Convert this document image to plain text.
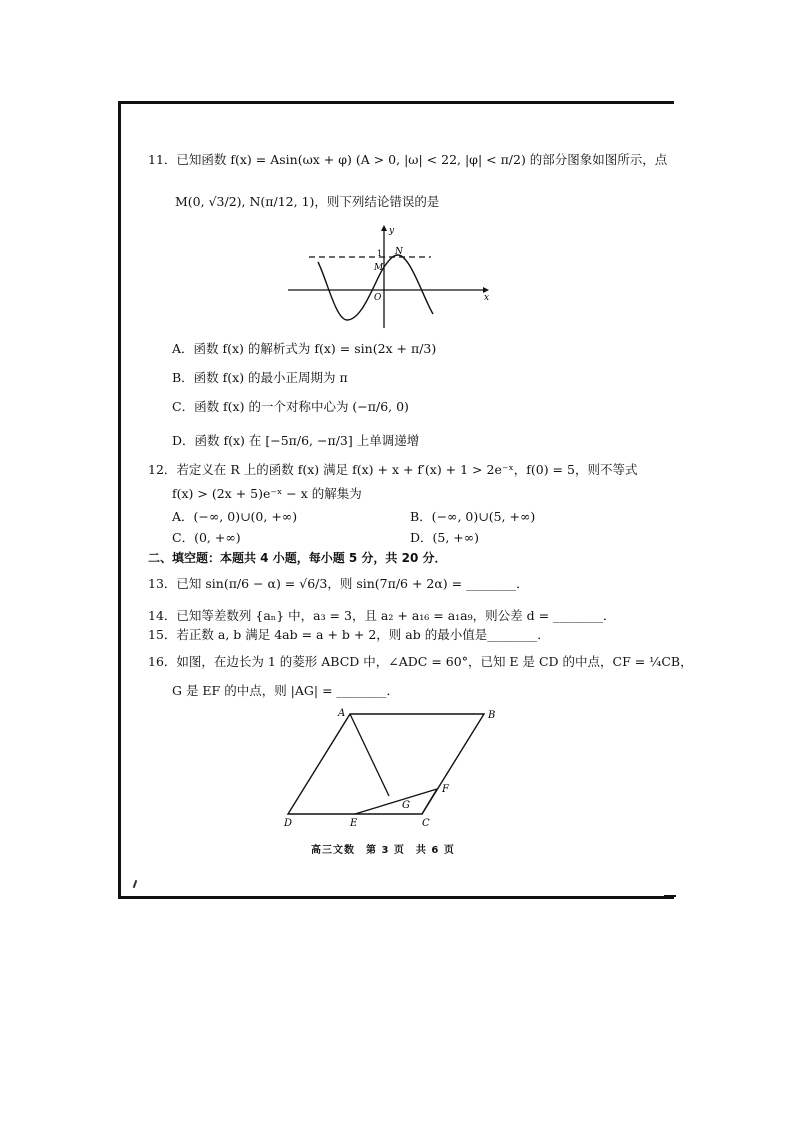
11．已知函数 f(x) = Asin(ωx + φ) (A > 0, |ω| < 22, |φ| < π/2) 的部分图象如图所示，点
M(0, √3/2), N(π/12, 1)，则下列结论错误的是
y
x
1 N
M
O
A．函数 f(x) 的解析式为 f(x) = sin(2x + π/3)
B．函数 f(x) 的最小正周期为 π
C．函数 f(x) 的一个对称中心为 (−π/6, 0)
D．函数 f(x) 在 [−5π/6, −π/3] 上单调递增
12．若定义在 R 上的函数 f(x) 满足 f(x) + x + f′(x) + 1 > 2e⁻ˣ，f(0) = 5，则不等式
f(x) > (2x + 5)e⁻ˣ − x 的解集为
A．(−∞, 0)∪(0, +∞)	B．(−∞, 0)∪(5, +∞)
C．(0, +∞)	D．(5, +∞)
二、填空题：本题共 4 小题，每小题 5 分，共 20 分．
13．已知 sin(π/6 − α) = √6/3，则 sin(7π/6 + 2α) = ________．
14．已知等差数列 {aₙ} 中，a₃ = 3，且 a₂ + a₁₆ = a₁a₉，则公差 d = ________．
15．若正数 a, b 满足 4ab = a + b + 2，则 ab 的最小值是________．
16．如图，在边长为 1 的菱形 ABCD 中，∠ADC = 60°，已知 E 是 CD 的中点，CF = ¼CB，
G 是 EF 的中点，则 |AG| = ________．
A	B
C
D	E
F
G
高三文数　第 3 页　共 6 页
